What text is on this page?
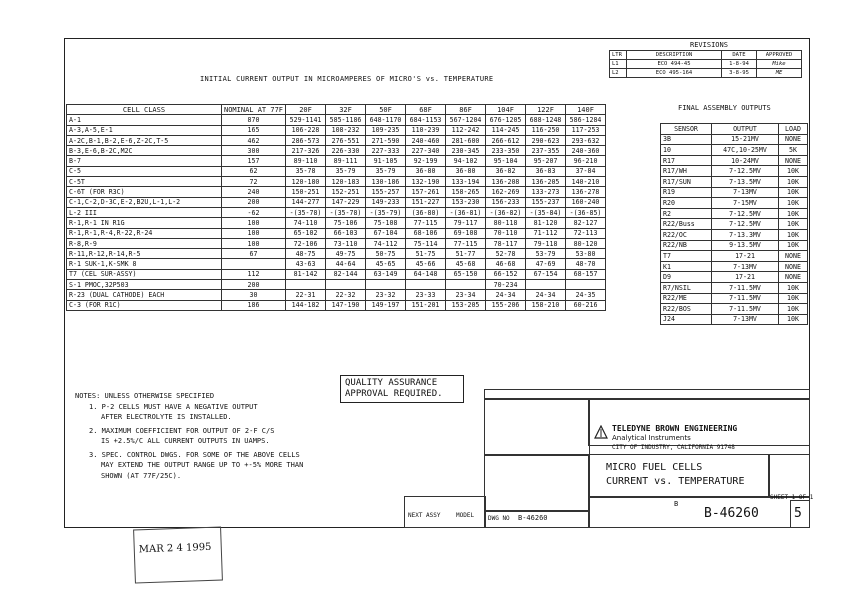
REVISIONS
LTR	DESCRIPTION	DATE	APPROVED
L1	ECO 494-45	1-8-94	Mike
L2	ECO 495-164	3-8-95	ME
INITIAL CURRENT OUTPUT IN MICROAMPERES OF MICRO'S vs. TEMPERATURE
CELL CLASS	NOMINAL AT 77F	20F	32F	50F	68F	86F	104F	122F	140F
A-1	870	529-1141	585-1186	648-1170	684-1153	567-1204	676-1205	688-1248	586-1284
A-3,A-5,E-1	165	106-228	108-232	109-235	110-239	112-242	114-245	116-250	117-253
A-2C,B-1,B-2,E-6,Z-2C,T-5	462	286-573	276-551	271-590	240-460	281-600	266-612	290-623	293-632
B-3,E-6,B-2C,M2C	300	217-326	226-330	227-333	227-340	230-345	233-350	237-355	240-360
B-7	157	89-110	89-111	91-105	92-199	94-102	95-104	95-207	96-210
C-5	62	35-78	35-79	35-79	36-80	36-80	36-82	36-83	37-84
C-5T	72	120-180	120-183	130-186	132-190	133-194	136-208	136-205	140-210
C-6T (FOR R3C)	240	150-251	152-251	155-257	157-261	158-265	162-269	133-273	136-278
C-1,C-2,D-3C,E-2,B2U,L-1,L-2	200	144-277	147-229	149-233	151-227	153-230	156-233	155-237	160-240
L-2 III	-62	-(35-78)	-(35-78)	-(35-79)	(36-80)	-(36-81)	-(36-82)	-(35-84)	-(36-85)
R-1,R-1 IN R1G	100	74-110	75-106	75-108	77-115	79-117	80-118	81-120	82-127
R-1,R-1,R-4,R-22,R-24	100	65-102	66-103	67-104	68-106	69-108	70-110	71-112	72-113
R-8,R-9	100	72-106	73-110	74-112	75-114	77-115	78-117	79-118	80-120
R-11,R-12,R-14,R-5	67	48-75	49-75	50-75	51-75	51-77	52-78	53-79	53-80
R-1 SUK-1,K-SMK 8		43-63	44-64	45-65	45-66	45-68	46-68	47-69	48-70
T7 (CEL SUR-ASSY)	112	81-142	82-144	63-149	64-148	65-150	66-152	67-154	68-157
S-1 PMOC,32P503	200						70-234		
R-23 (DUAL CATHODE) EACH	30	22-31	22-32	23-32	23-33	23-34	24-34	24-34	24-35
C-3 (FOR R1C)	186	144-182	147-190	149-197	151-201	153-205	155-206	158-210	60-216
FINAL ASSEMBLY OUTPUTS
SENSOR	OUTPUT	LOAD
3B	15-21MV	NONE
10	47C,10-25MV	5K
R17	10-24MV	NONE
R17/WH	7-12.5MV	10K
R17/SUN	7-13.5MV	10K
R19	7-13MV	10K
R20	7-15MV	10K
R2	7-12.5MV	10K
R22/Buss	7-12.5MV	10K
R22/OC	7-13.3MV	10K
R22/NB	9-13.5MV	10K
T7	17-21	NONE
K1	7-13MV	NONE
D9	17-21	NONE
R7/NSIL	7-11.5MV	10K
R22/ME	7-11.5MV	10K
R22/BOS	7-11.5MV	10K
J24	7-13MV	10K
QUALITY ASSURANCE
APPROVAL REQUIRED.
NOTES: UNLESS OTHERWISE SPECIFIED
1. P-2 CELLS MUST HAVE A NEGATIVE OUTPUT
AFTER ELECTROLYTE IS INSTALLED.
2. MAXIMUM COEFFICIENT FOR OUTPUT OF 2-F C/S
IS +2.5%/C ALL CURRENT OUTPUTS IN UAMPS.
3. SPEC. CONTROL DWGS. FOR SOME OF THE ABOVE CELLS
MAY EXTEND THE OUTPUT RANGE UP TO +-5% MORE THAN
SHOWN (AT 77F/25C).
TELEDYNE BROWN ENGINEERING
Analytical Instruments
CITY OF INDUSTRY, CALIFORNIA 91748
MICRO FUEL CELLS
CURRENT vs. TEMPERATURE
B
SHEET 1 OF 1
B-46260	5
NEXT ASSY	MODEL DWG NO B-46260
MAR 2 4 1995
